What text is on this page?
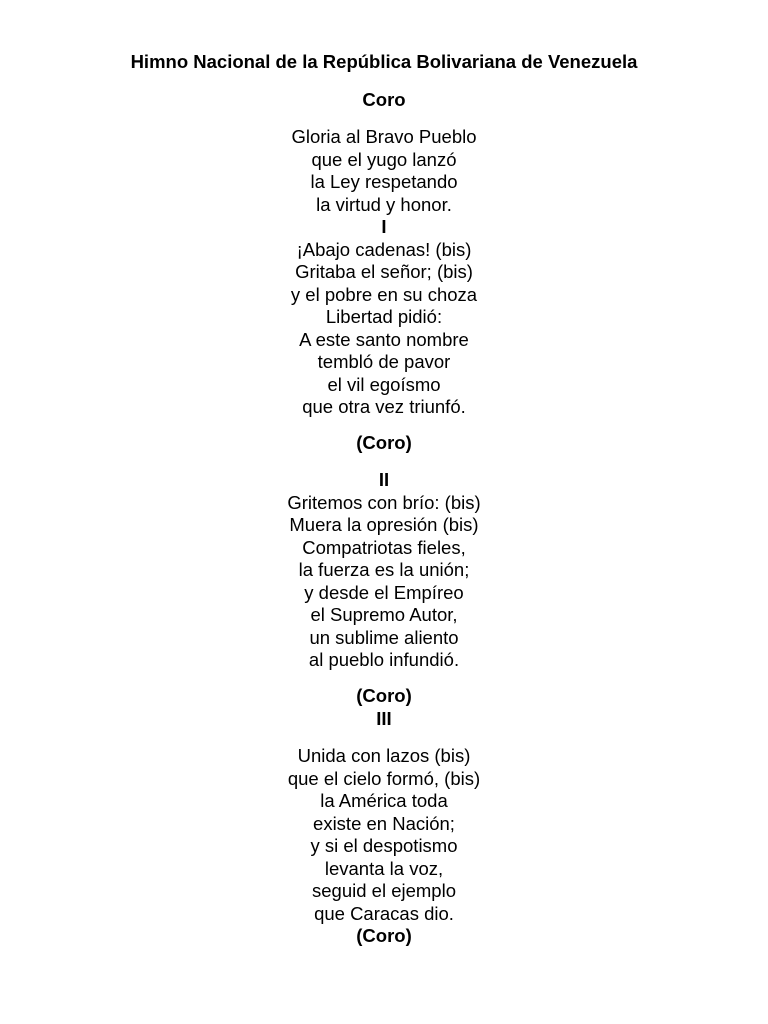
Himno Nacional de la República Bolivariana de Venezuela
Coro
Gloria al Bravo Pueblo
que el yugo lanzó
la Ley respetando
la virtud y honor.
I
¡Abajo cadenas! (bis)
Gritaba el señor; (bis)
y el pobre en su choza
Libertad pidió:
A este santo nombre
tembló de pavor
el vil egoísmo
que otra vez triunfó.
(Coro)
II
Gritemos con brío: (bis)
Muera la opresión (bis)
Compatriotas fieles,
la fuerza es la unión;
y desde el Empíreo
el Supremo Autor,
un sublime aliento
al pueblo infundió.
(Coro)
III
Unida con lazos (bis)
que el cielo formó, (bis)
la América toda
existe en Nación;
y si el despotismo
levanta la voz,
seguid el ejemplo
que Caracas dio.
(Coro)
